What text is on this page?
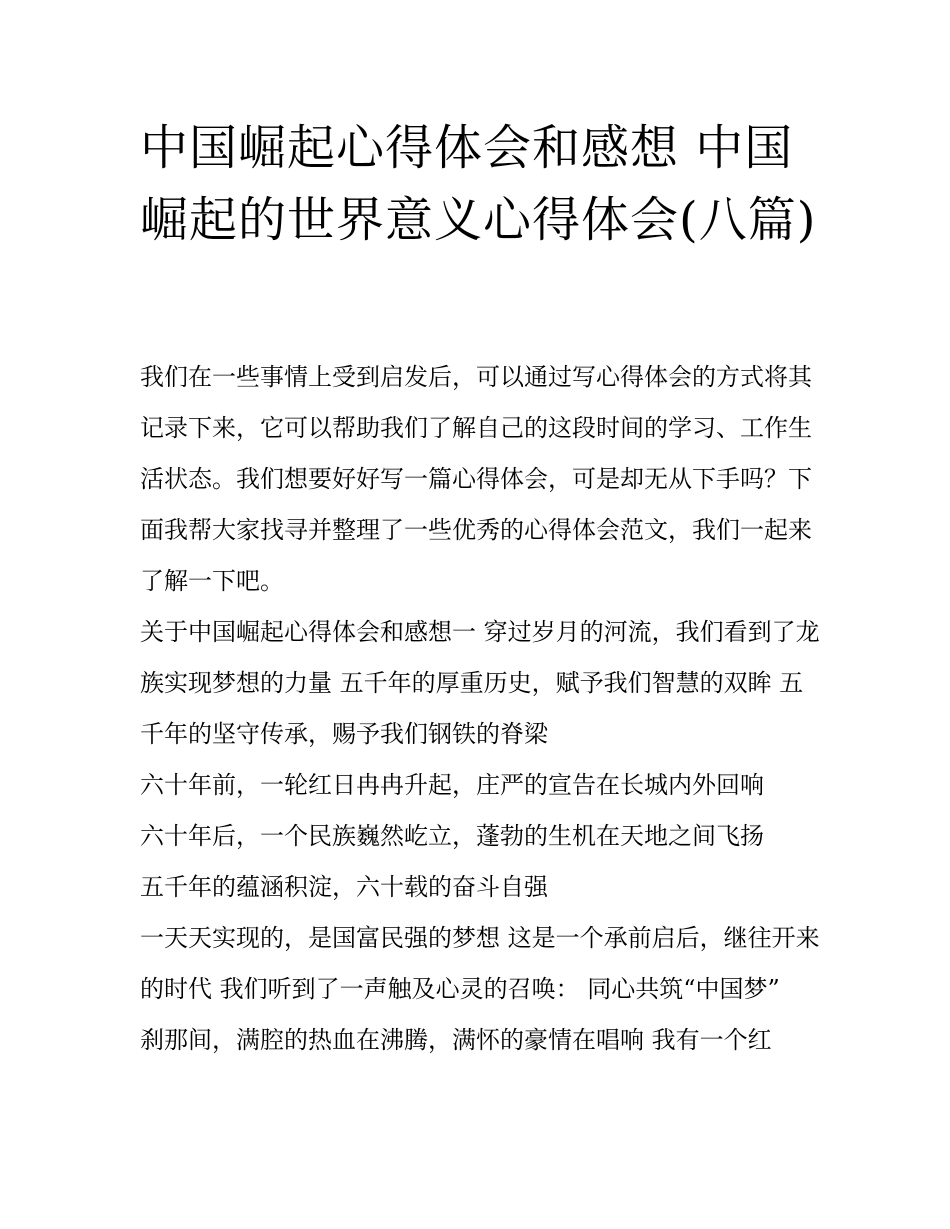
中国崛起心得体会和感想 中国崛起的世界意义心得体会(八篇)

我们在一些事情上受到启发后，可以通过写心得体会的方式将其记录下来，它可以帮助我们了解自己的这段时间的学习、工作生活状态。我们想要好好写一篇心得体会，可是却无从下手吗？下面我帮大家找寻并整理了一些优秀的心得体会范文，我们一起来了解一下吧。

关于中国崛起心得体会和感想一 穿过岁月的河流，我们看到了龙族实现梦想的力量 五千年的厚重历史，赋予我们智慧的双眸 五千年的坚守传承，赐予我们钢铁的脊梁

六十年前，一轮红日冉冉升起，庄严的宣告在长城内外回响

六十年后，一个民族巍然屹立，蓬勃的生机在天地之间飞扬

五千年的蕴涵积淀，六十载的奋斗自强

一天天实现的，是国富民强的梦想 这是一个承前启后，继往开来的时代 我们听到了一声触及心灵的召唤： 同心共筑“中国梦”

刹那间，满腔的热血在沸腾，满怀的豪情在唱响 我有一个红
